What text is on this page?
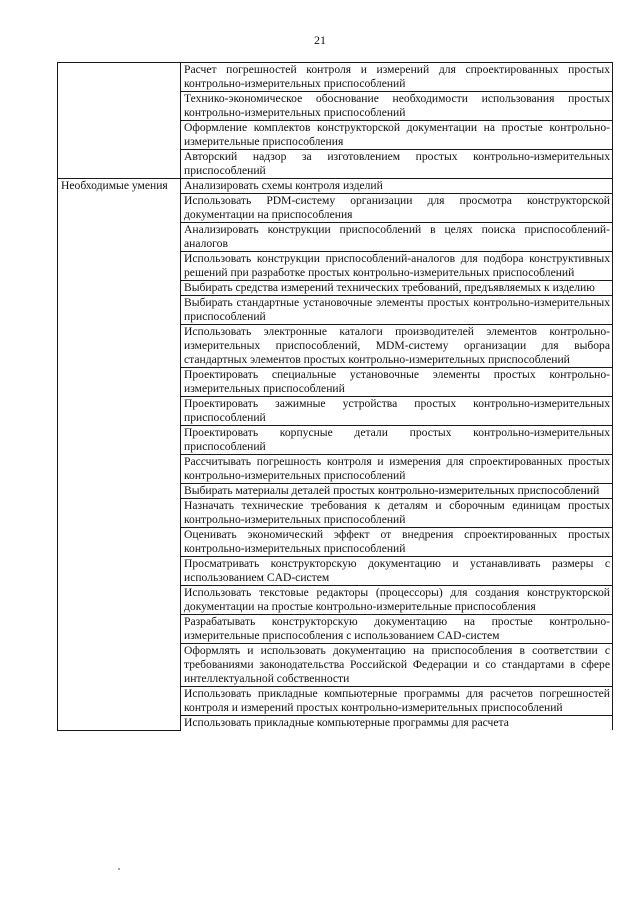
21
	Расчет погрешностей контроля и измерений для спроектированных простых контрольно-измерительных приспособлений
	Технико-экономическое обоснование необходимости использования простых контрольно-измерительных приспособлений
	Оформление комплектов конструкторской документации на простые контрольно-измерительные приспособления
	Авторский надзор за изготовлением простых контрольно-измерительных приспособлений
Необходимые умения	Анализировать схемы контроля изделий
	Использовать PDM-систему организации для просмотра конструкторской документации на приспособления
	Анализировать конструкции приспособлений в целях поиска приспособлений-аналогов
	Использовать конструкции приспособлений-аналогов для подбора конструктивных решений при разработке простых контрольно-измерительных приспособлений
	Выбирать средства измерений технических требований, предъявляемых к изделию
	Выбирать стандартные установочные элементы простых контрольно-измерительных приспособлений
	Использовать электронные каталоги производителей элементов контрольно-измерительных приспособлений, MDM-систему организации для выбора стандартных элементов простых контрольно-измерительных приспособлений
	Проектировать специальные установочные элементы простых контрольно-измерительных приспособлений
	Проектировать зажимные устройства простых контрольно-измерительных приспособлений
	Проектировать корпусные детали простых контрольно-измерительных приспособлений
	Рассчитывать погрешность контроля и измерения для спроектированных простых контрольно-измерительных приспособлений
	Выбирать материалы деталей простых контрольно-измерительных приспособлений
	Назначать технические требования к деталям и сборочным единицам простых контрольно-измерительных приспособлений
	Оценивать экономический эффект от внедрения спроектированных простых контрольно-измерительных приспособлений
	Просматривать конструкторскую документацию и устанавливать размеры с использованием CAD-систем
	Использовать текстовые редакторы (процессоры) для создания конструкторской документации на простые контрольно-измерительные приспособления
	Разрабатывать конструкторскую документацию на простые контрольно-измерительные приспособления с использованием CAD-систем
	Оформлять и использовать документацию на приспособления в соответствии с требованиями законодательства Российской Федерации и со стандартами в сфере интеллектуальной собственности
	Использовать прикладные компьютерные программы для расчетов погрешностей контроля и измерений простых контрольно-измерительных приспособлений
	Использовать прикладные компьютерные программы для расчета
